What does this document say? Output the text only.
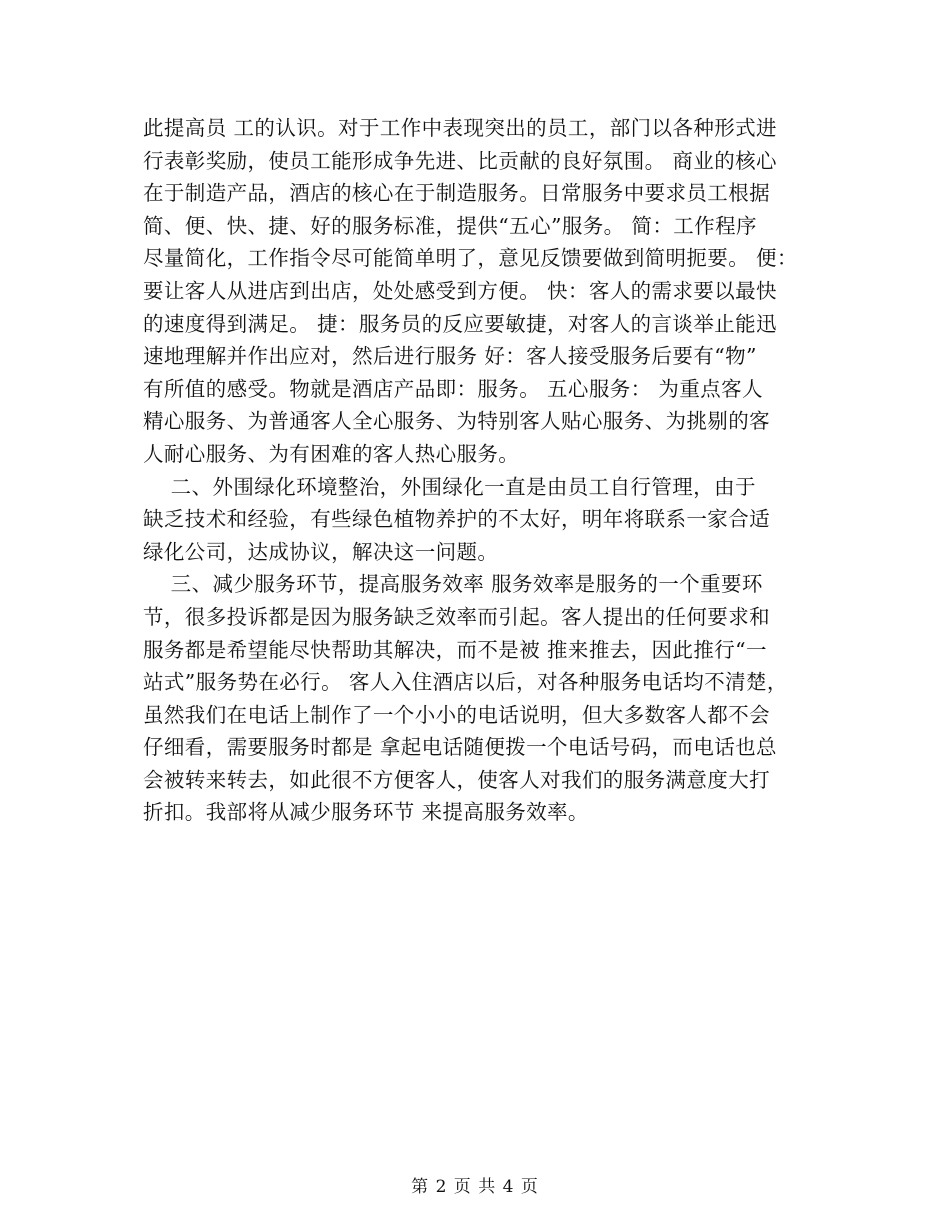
此提高员 工的认识。对于工作中表现突出的员工，部门以各种形式进
行表彰奖励，使员工能形成争先进、比贡献的良好氛围。 商业的核心
在于制造产品，酒店的核心在于制造服务。日常服务中要求员工根据
简、便、快、捷、好的服务标准，提供“五心”服务。 简：工作程序
尽量简化，工作指令尽可能简单明了，意见反馈要做到简明扼要。 便：
要让客人从进店到出店，处处感受到方便。 快：客人的需求要以最快
的速度得到满足。 捷：服务员的反应要敏捷，对客人的言谈举止能迅
速地理解并作出应对，然后进行服务 好：客人接受服务后要有“物”
有所值的感受。物就是酒店产品即：服务。 五心服务： 为重点客人
精心服务、为普通客人全心服务、为特别客人贴心服务、为挑剔的客
人耐心服务、为有困难的客人热心服务。
二、外围绿化环境整治，外围绿化一直是由员工自行管理，由于
缺乏技术和经验，有些绿色植物养护的不太好，明年将联系一家合适
绿化公司，达成协议，解决这一问题。
三、减少服务环节，提高服务效率 服务效率是服务的一个重要环
节，很多投诉都是因为服务缺乏效率而引起。客人提出的任何要求和
服务都是希望能尽快帮助其解决，而不是被 推来推去，因此推行“一
站式”服务势在必行。 客人入住酒店以后，对各种服务电话均不清楚，
虽然我们在电话上制作了一个小小的电话说明，但大多数客人都不会
仔细看，需要服务时都是 拿起电话随便拨一个电话号码，而电话也总
会被转来转去，如此很不方便客人，使客人对我们的服务满意度大打
折扣。我部将从减少服务环节 来提高服务效率。
第 2 页 共 4 页
